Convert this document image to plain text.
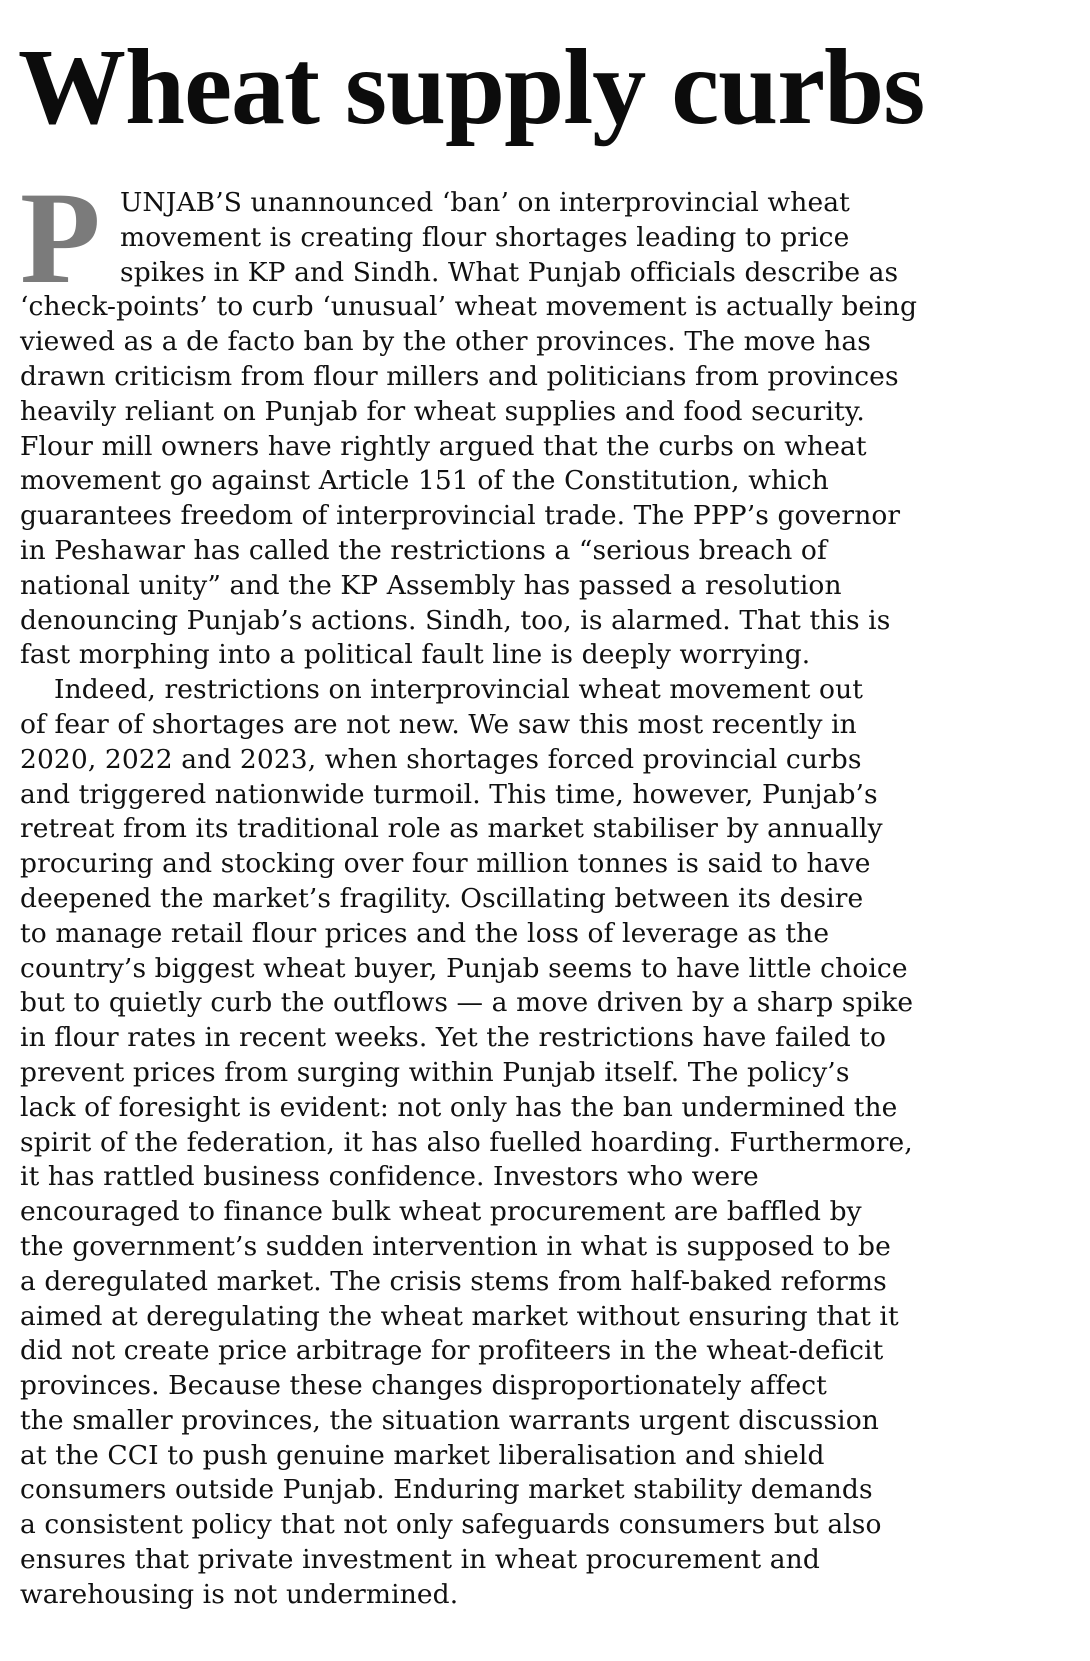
Wheat supply curbs
P UNJAB’S unannounced ‘ban’ on interprovincial wheat
movement is creating flour shortages leading to price
spikes in KP and Sindh. What Punjab officials describe as
‘check-points’ to curb ‘unusual’ wheat movement is actually being
viewed as a de facto ban by the other provinces. The move has
drawn criticism from flour millers and politicians from provinces
heavily reliant on Punjab for wheat supplies and food security.
Flour mill owners have rightly argued that the curbs on wheat
movement go against Article 151 of the Constitution, which
guarantees freedom of interprovincial trade. The PPP’s governor
in Peshawar has called the restrictions a “serious breach of
national unity” and the KP Assembly has passed a resolution
denouncing Punjab’s actions. Sindh, too, is alarmed. That this is
fast morphing into a political fault line is deeply worrying.
Indeed, restrictions on interprovincial wheat movement out
of fear of shortages are not new. We saw this most recently in
2020, 2022 and 2023, when shortages forced provincial curbs
and triggered nationwide turmoil. This time, however, Punjab’s
retreat from its traditional role as market stabiliser by annually
procuring and stocking over four million tonnes is said to have
deepened the market’s fragility. Oscillating between its desire
to manage retail flour prices and the loss of leverage as the
country’s biggest wheat buyer, Punjab seems to have little choice
but to quietly curb the outflows — a move driven by a sharp spike
in flour rates in recent weeks. Yet the restrictions have failed to
prevent prices from surging within Punjab itself. The policy’s
lack of foresight is evident: not only has the ban undermined the
spirit of the federation, it has also fuelled hoarding. Furthermore,
it has rattled business confidence. Investors who were
encouraged to finance bulk wheat procurement are baffled by
the government’s sudden intervention in what is supposed to be
a deregulated market. The crisis stems from half-baked reforms
aimed at deregulating the wheat market without ensuring that it
did not create price arbitrage for profiteers in the wheat-deficit
provinces. Because these changes disproportionately affect
the smaller provinces, the situation warrants urgent discussion
at the CCI to push genuine market liberalisation and shield
consumers outside Punjab. Enduring market stability demands
a consistent policy that not only safeguards consumers but also
ensures that private investment in wheat procurement and
warehousing is not undermined.
